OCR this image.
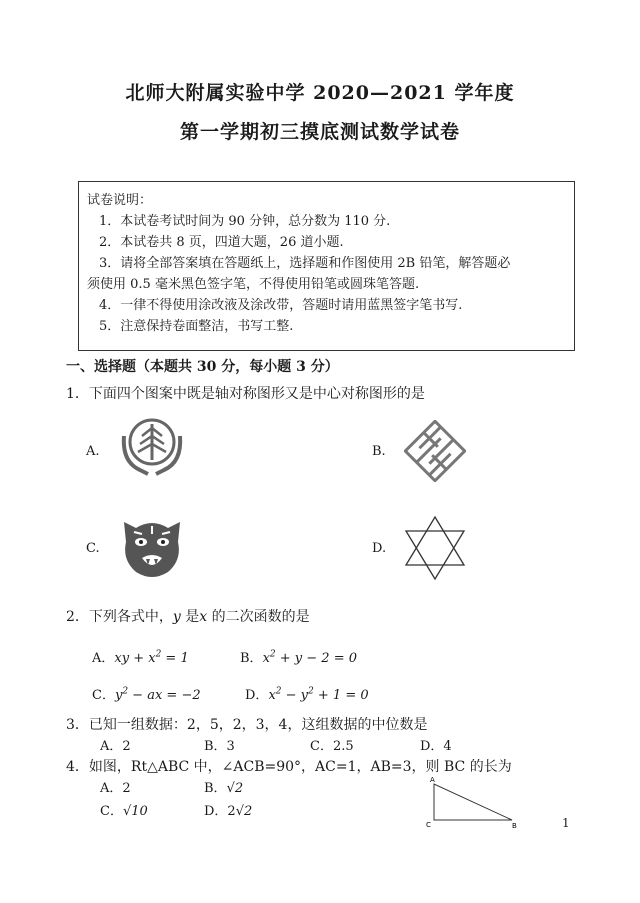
北师大附属实验中学 2020—2021 学年度
第一学期初三摸底测试数学试卷
试卷说明：
1．本试卷考试时间为 90 分钟，总分数为 110 分.
2．本试卷共 8 页，四道大题，26 道小题.
3．请将全部答案填在答题纸上，选择题和作图使用 2B 铅笔，解答题必
须使用 0.5 毫米黑色签字笔，不得使用铅笔或圆珠笔答题.
4．一律不得使用涂改液及涂改带，答题时请用蓝黑签字笔书写.
5．注意保持卷面整洁，书写工整.
一、选择题（本题共 30 分，每小题 3 分）
1．下面四个图案中既是轴对称图形又是中心对称图形的是
A.	B.
C.	D.
2．下列各式中，y 是x 的二次函数的是
A．xy + $x^2 = 1$	B．$x^2 + y - 2 = 0$
C．$y^2$ − ax = −2	D．$x^2 - y^2 + 1 = 0$
3．已知一组数据：2，5，2，3，4，这组数据的中位数是
A．2	B．3	C．2.5	D．4
4．如图，Rt△ABC 中，∠ACB=90°，AC=1，AB=3，则 BC 的长为
A．2	B．√2
C．√10	D．2√2
A
C	B	1
